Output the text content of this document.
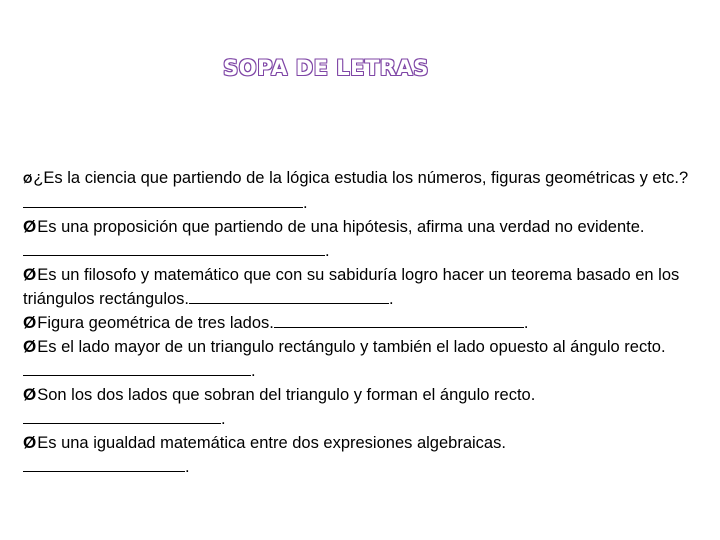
SOPA DE LETRAS

Ø¿Es la ciencia que partiendo de la lógica estudia los números, figuras geométricas y etc.?.

ØEs una proposición que partiendo de una hipótesis, afirma una verdad no evidente.
.

ØEs un filosofo y matemático que con su sabiduría logro hacer un teorema basado en los triángulos rectángulos.	.

ØFigura geométrica de tres lados.	.

ØEs el lado mayor de un triangulo rectángulo y también el lado opuesto al ángulo recto. .

ØSon los dos lados que sobran del triangulo y forman el ángulo recto..

ØEs una igualdad matemática entre dos expresiones algebraicas.
.
